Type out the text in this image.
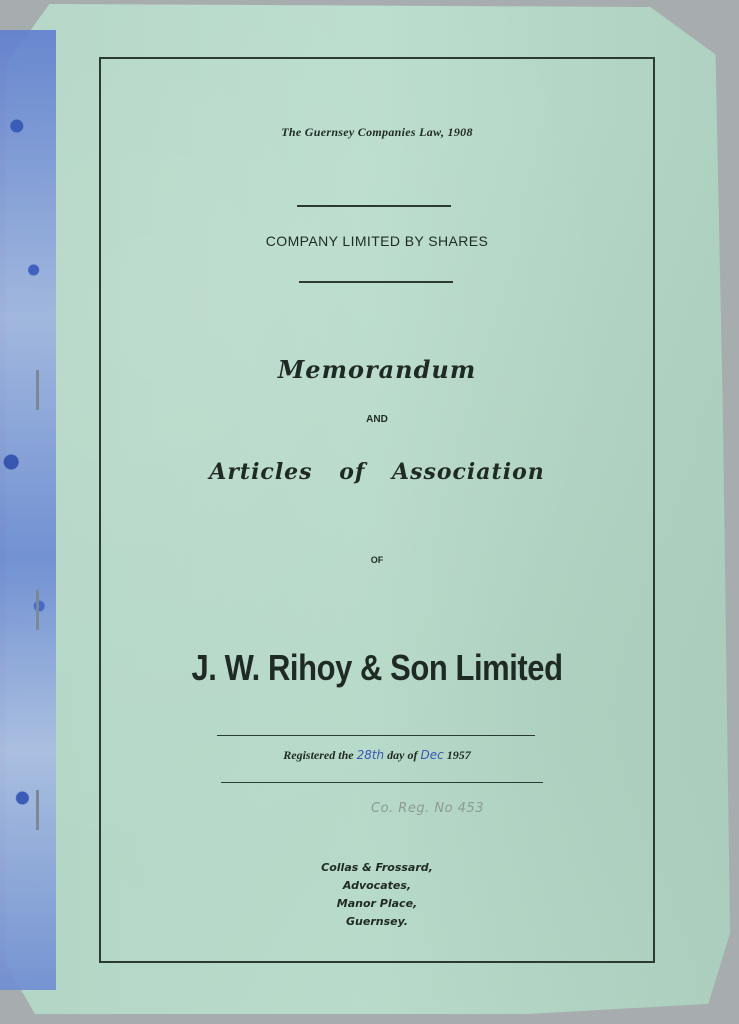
The Guernsey Companies Law, 1908
COMPANY LIMITED BY SHARES
Memorandum
AND
Articles of Association
OF
J. W. Rihoy & Son Limited
Registered the 28th day of Dec 1957
Co. Reg. No 453
Collas & Frossard,
Advocates,
Manor Place,
Guernsey.
